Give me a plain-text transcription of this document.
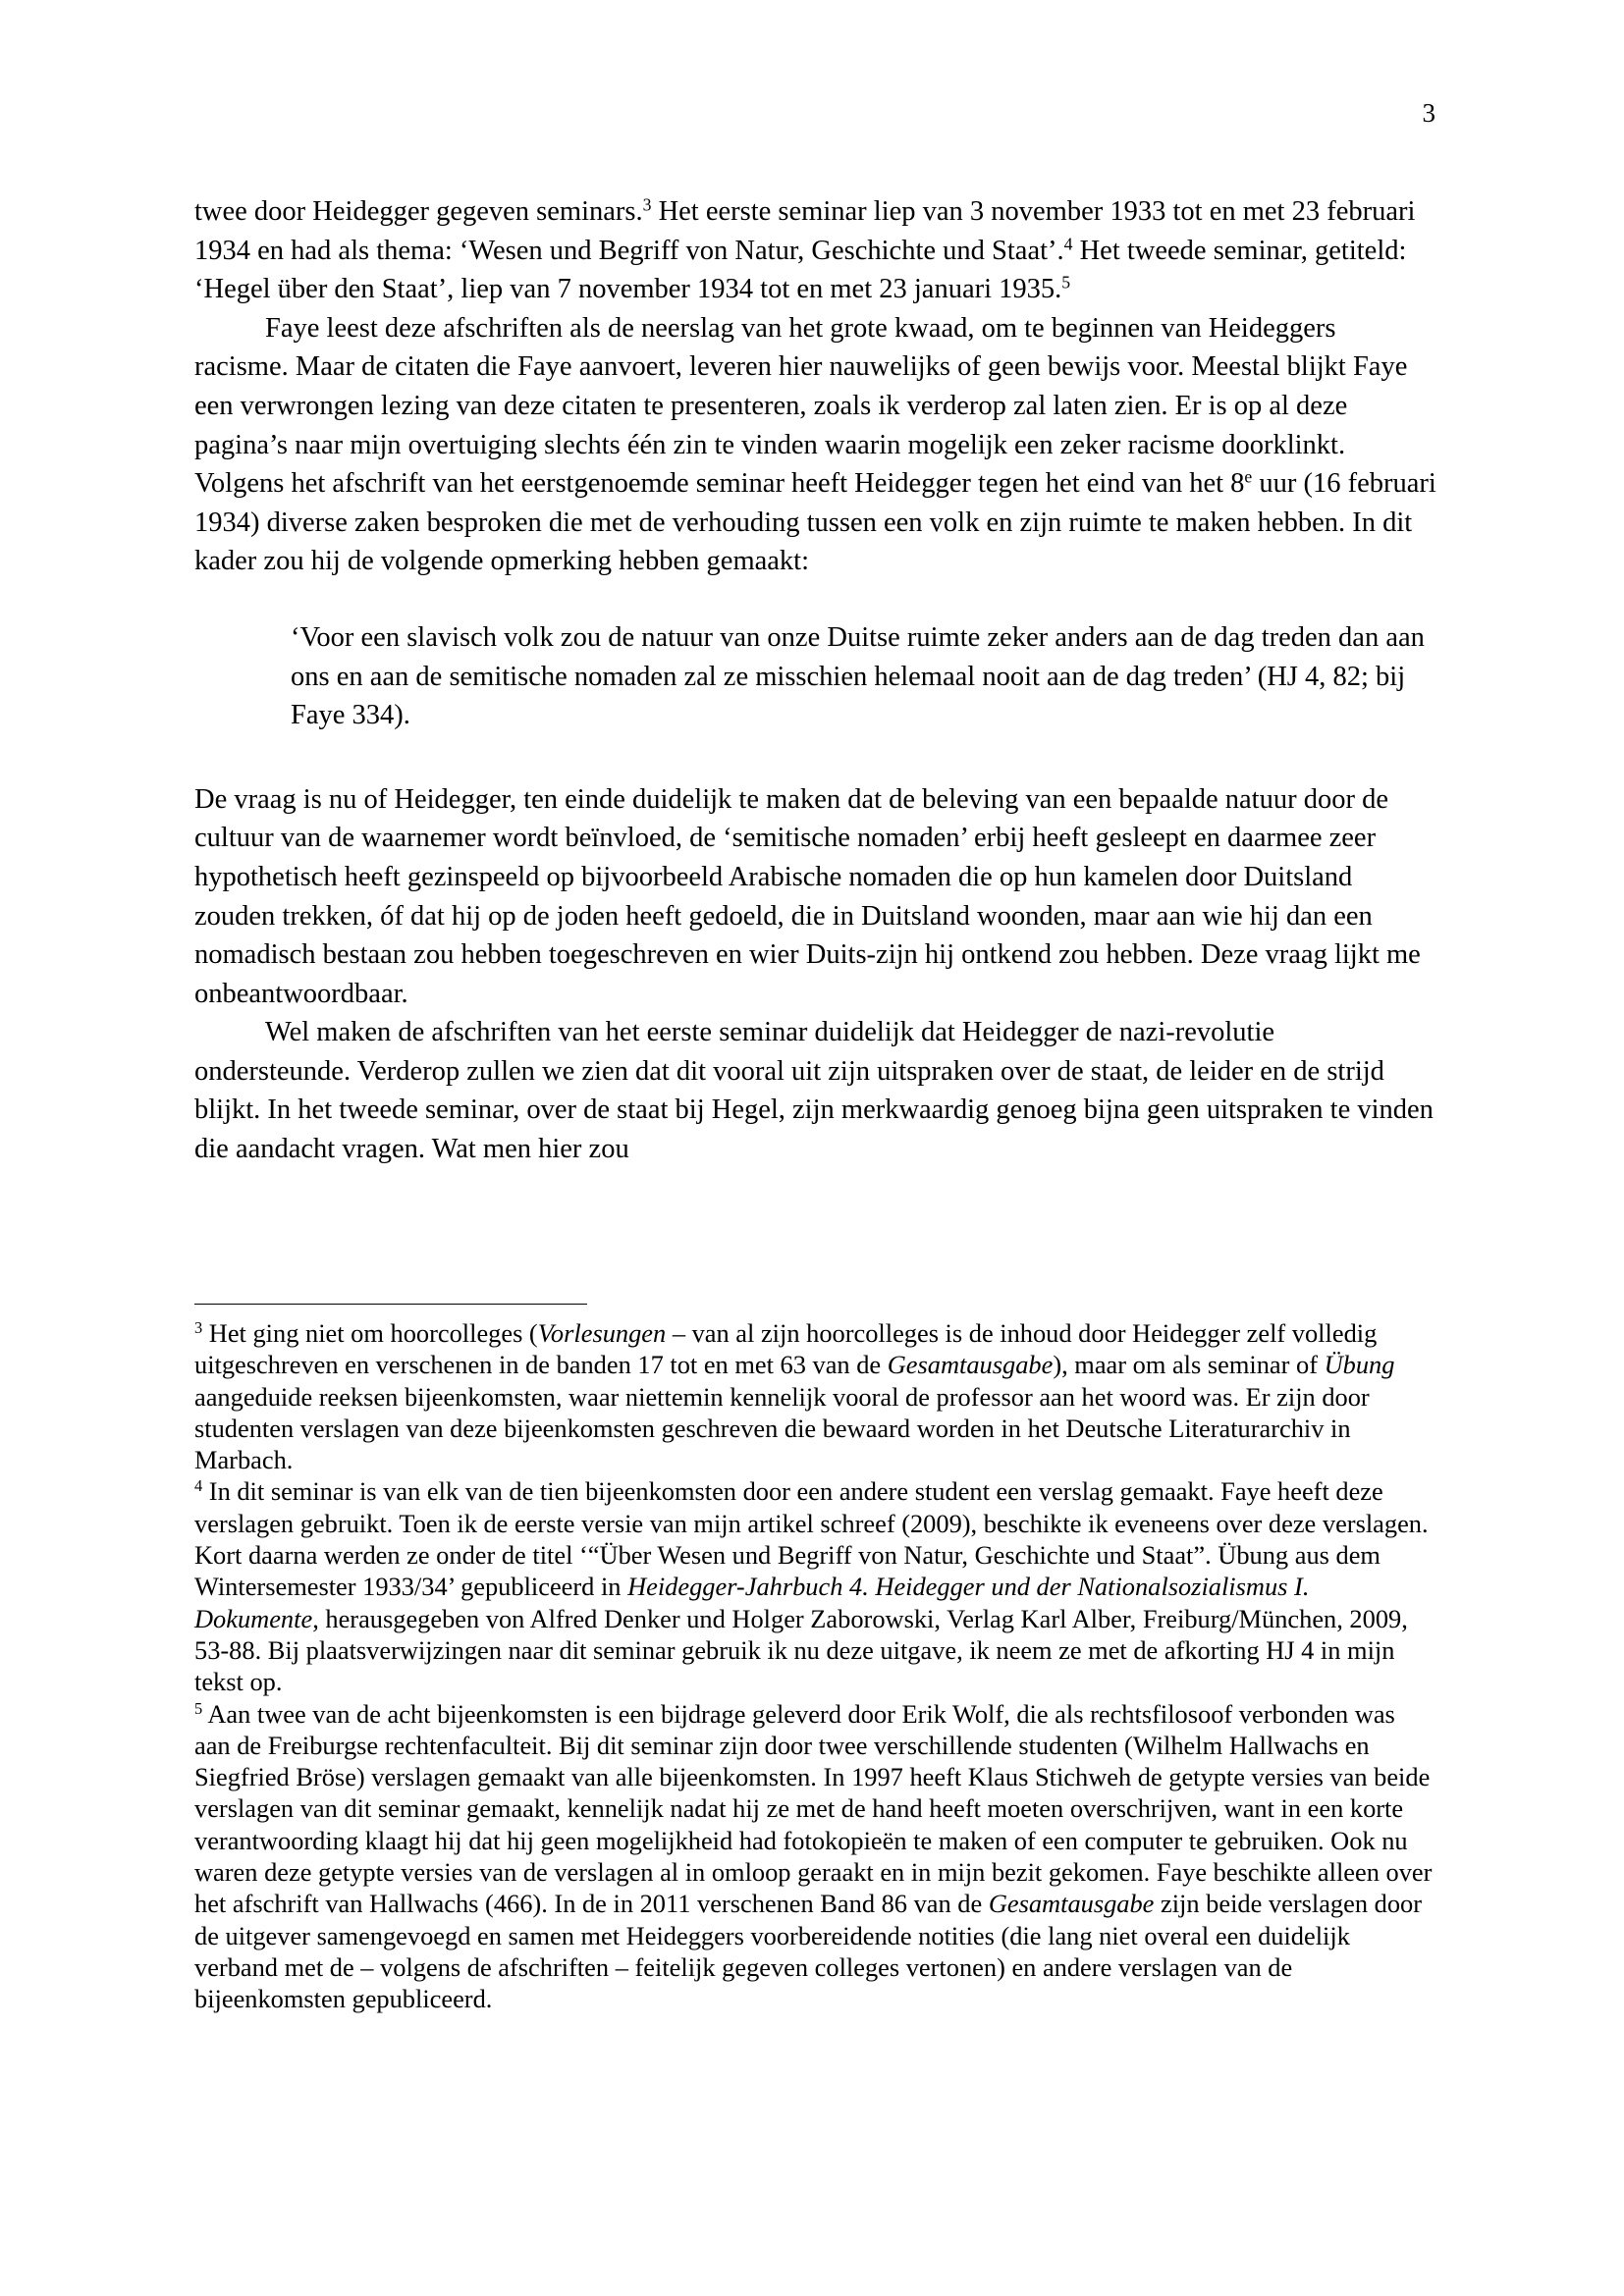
3

twee door Heidegger gegeven seminars.$^3$ Het eerste seminar liep van 3 november 1933 tot en met 23 februari 1934 en had als thema: ‘Wesen und Begriff von Natur, Geschichte und Staat’.$^4$ Het tweede seminar, getiteld: ‘Hegel über den Staat’, liep van 7 november 1934 tot en met 23 januari 1935.$^5$

Faye leest deze afschriften als de neerslag van het grote kwaad, om te beginnen van Heideggers racisme. Maar de citaten die Faye aanvoert, leveren hier nauwelijks of geen bewijs voor. Meestal blijkt Faye een verwrongen lezing van deze citaten te presenteren, zoals ik verderop zal laten zien. Er is op al deze pagina’s naar mijn overtuiging slechts één zin te vinden waarin mogelijk een zeker racisme doorklinkt. Volgens het afschrift van het eerstgenoemde seminar heeft Heidegger tegen het eind van het 8e uur (16 februari 1934) diverse zaken besproken die met de verhouding tussen een volk en zijn ruimte te maken hebben. In dit kader zou hij de volgende opmerking hebben gemaakt:

‘Voor een slavisch volk zou de natuur van onze Duitse ruimte zeker anders aan de dag treden dan aan ons en aan de semitische nomaden zal ze misschien helemaal nooit aan de dag treden’ (HJ 4, 82; bij Faye 334).

De vraag is nu of Heidegger, ten einde duidelijk te maken dat de beleving van een bepaalde natuur door de cultuur van de waarnemer wordt beïnvloed, de ‘semitische nomaden’ erbij heeft gesleept en daarmee zeer hypothetisch heeft gezinspeeld op bijvoorbeeld Arabische nomaden die op hun kamelen door Duitsland zouden trekken, óf dat hij op de joden heeft gedoeld, die in Duitsland woonden, maar aan wie hij dan een nomadisch bestaan zou hebben toegeschreven en wier Duits-zijn hij ontkend zou hebben. Deze vraag lijkt me onbeantwoordbaar.

Wel maken de afschriften van het eerste seminar duidelijk dat Heidegger de nazi-revolutie ondersteunde. Verderop zullen we zien dat dit vooral uit zijn uitspraken over de staat, de leider en de strijd blijkt. In het tweede seminar, over de staat bij Hegel, zijn merkwaardig genoeg bijna geen uitspraken te vinden die aandacht vragen. Wat men hier zou

$^3$ Het ging niet om hoorcolleges (Vorlesungen – van al zijn hoorcolleges is de inhoud door Heidegger zelf volledig uitgeschreven en verschenen in de banden 17 tot en met 63 van de Gesamtausgabe), maar om als seminar of Übung aangeduide reeksen bijeenkomsten, waar niettemin kennelijk vooral de professor aan het woord was. Er zijn door studenten verslagen van deze bijeenkomsten geschreven die bewaard worden in het Deutsche Literaturarchiv in Marbach.

$^4$ In dit seminar is van elk van de tien bijeenkomsten door een andere student een verslag gemaakt. Faye heeft deze verslagen gebruikt. Toen ik de eerste versie van mijn artikel schreef (2009), beschikte ik eveneens over deze verslagen. Kort daarna werden ze onder de titel ‘“Über Wesen und Begriff von Natur, Geschichte und Staat”. Übung aus dem Wintersemester 1933/34’ gepubliceerd in Heidegger-Jahrbuch 4. Heidegger und der Nationalsozialismus I. Dokumente, herausgegeben von Alfred Denker und Holger Zaborowski, Verlag Karl Alber, Freiburg/München, 2009, 53-88. Bij plaatsverwijzingen naar dit seminar gebruik ik nu deze uitgave, ik neem ze met de afkorting HJ 4 in mijn tekst op.

$^5$ Aan twee van de acht bijeenkomsten is een bijdrage geleverd door Erik Wolf, die als rechtsfilosoof verbonden was aan de Freiburgse rechtenfaculteit. Bij dit seminar zijn door twee verschillende studenten (Wilhelm Hallwachs en Siegfried Bröse) verslagen gemaakt van alle bijeenkomsten. In 1997 heeft Klaus Stichweh de getypte versies van beide verslagen van dit seminar gemaakt, kennelijk nadat hij ze met de hand heeft moeten overschrijven, want in een korte verantwoording klaagt hij dat hij geen mogelijkheid had fotokopieën te maken of een computer te gebruiken. Ook nu waren deze getypte versies van de verslagen al in omloop geraakt en in mijn bezit gekomen. Faye beschikte alleen over het afschrift van Hallwachs (466). In de in 2011 verschenen Band 86 van de Gesamtausgabe zijn beide verslagen door de uitgever samengevoegd en samen met Heideggers voorbereidende notities (die lang niet overal een duidelijk verband met de – volgens de afschriften – feitelijk gegeven colleges vertonen) en andere verslagen van de bijeenkomsten gepubliceerd.
